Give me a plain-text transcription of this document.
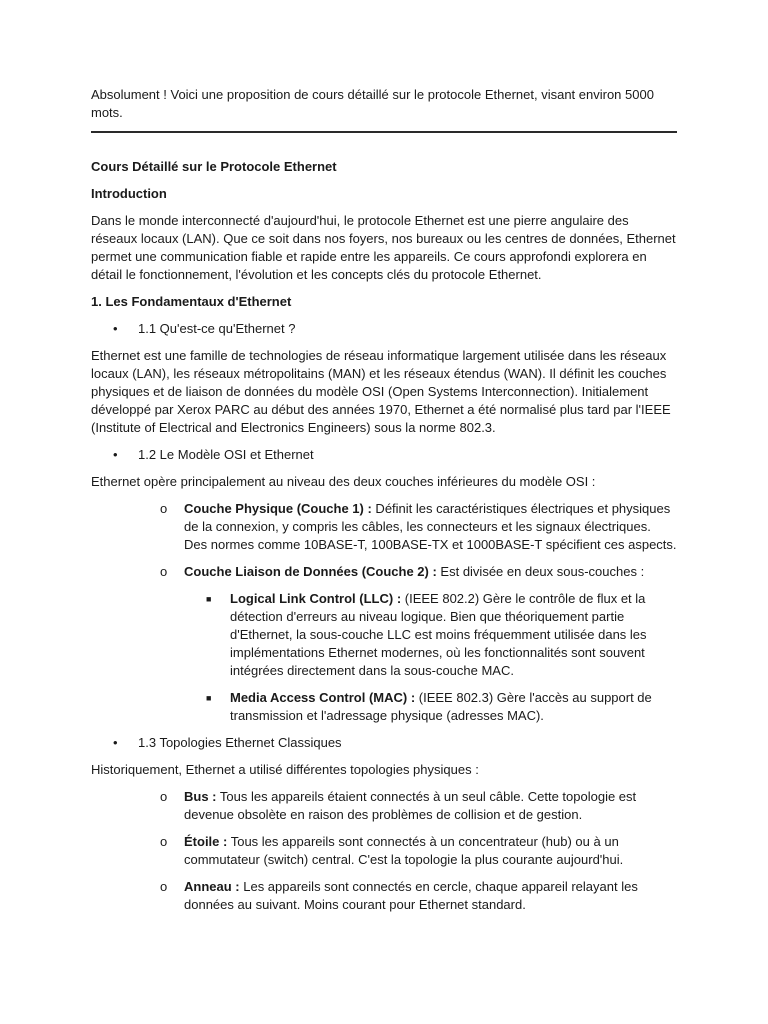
Absolument ! Voici une proposition de cours détaillé sur le protocole Ethernet, visant environ 5000 mots.

Cours Détaillé sur le Protocole Ethernet

Introduction

Dans le monde interconnecté d'aujourd'hui, le protocole Ethernet est une pierre angulaire des réseaux locaux (LAN). Que ce soit dans nos foyers, nos bureaux ou les centres de données, Ethernet permet une communication fiable et rapide entre les appareils. Ce cours approfondi explorera en détail le fonctionnement, l'évolution et les concepts clés du protocole Ethernet.

1. Les Fondamentaux d'Ethernet

• 1.1 Qu'est-ce qu'Ethernet ?

Ethernet est une famille de technologies de réseau informatique largement utilisée dans les réseaux locaux (LAN), les réseaux métropolitains (MAN) et les réseaux étendus (WAN). Il définit les couches physiques et de liaison de données du modèle OSI (Open Systems Interconnection). Initialement développé par Xerox PARC au début des années 1970, Ethernet a été normalisé plus tard par l'IEEE (Institute of Electrical and Electronics Engineers) sous la norme 802.3.

• 1.2 Le Modèle OSI et Ethernet

Ethernet opère principalement au niveau des deux couches inférieures du modèle OSI :

o Couche Physique (Couche 1) : Définit les caractéristiques électriques et physiques de la connexion, y compris les câbles, les connecteurs et les signaux électriques. Des normes comme 10BASE-T, 100BASE-TX et 1000BASE-T spécifient ces aspects.
o Couche Liaison de Données (Couche 2) : Est divisée en deux sous-couches :
■ Logical Link Control (LLC) : (IEEE 802.2) Gère le contrôle de flux et la détection d'erreurs au niveau logique. Bien que théoriquement partie d'Ethernet, la sous-couche LLC est moins fréquemment utilisée dans les implémentations Ethernet modernes, où les fonctionnalités sont souvent intégrées directement dans la sous-couche MAC.
■ Media Access Control (MAC) : (IEEE 802.3) Gère l'accès au support de transmission et l'adressage physique (adresses MAC).
• 1.3 Topologies Ethernet Classiques

Historiquement, Ethernet a utilisé différentes topologies physiques :

o Bus : Tous les appareils étaient connectés à un seul câble. Cette topologie est devenue obsolète en raison des problèmes de collision et de gestion.
o Étoile : Tous les appareils sont connectés à un concentrateur (hub) ou à un commutateur (switch) central. C'est la topologie la plus courante aujourd'hui.
o Anneau : Les appareils sont connectés en cercle, chaque appareil relayant les données au suivant. Moins courant pour Ethernet standard.
